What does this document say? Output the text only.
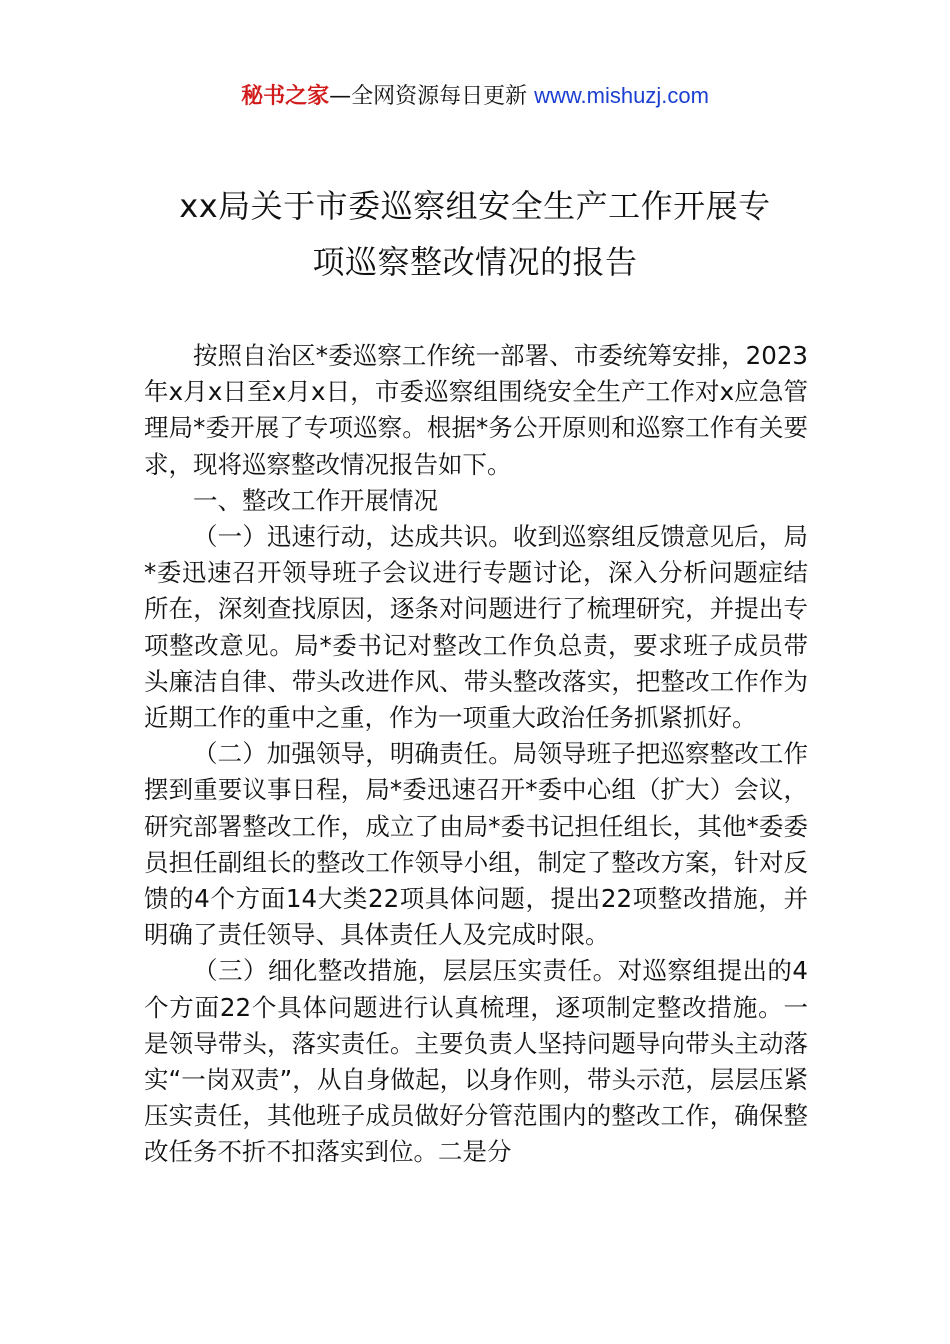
秘书之家—全网资源每日更新 www.mishuzj.com
xx局关于市委巡察组安全生产工作开展专
项巡察整改情况的报告

按照自治区*委巡察工作统一部署、市委统筹安排，2023年x月x日至x月x日，市委巡察组围绕安全生产工作对x应急管理局*委开展了专项巡察。根据*务公开原则和巡察工作有关要求，现将巡察整改情况报告如下。

一、整改工作开展情况

（一）迅速行动，达成共识。收到巡察组反馈意见后，局*委迅速召开领导班子会议进行专题讨论，深入分析问题症结所在，深刻查找原因，逐条对问题进行了梳理研究，并提出专项整改意见。局*委书记对整改工作负总责，要求班子成员带头廉洁自律、带头改进作风、带头整改落实，把整改工作作为近期工作的重中之重，作为一项重大政治任务抓紧抓好。

（二）加强领导，明确责任。局领导班子把巡察整改工作摆到重要议事日程，局*委迅速召开*委中心组（扩大）会议，研究部署整改工作，成立了由局*委书记担任组长，其他*委委员担任副组长的整改工作领导小组，制定了整改方案，针对反馈的4个方面14大类22项具体问题，提出22项整改措施，并明确了责任领导、具体责任人及完成时限。

（三）细化整改措施，层层压实责任。对巡察组提出的4个方面22个具体问题进行认真梳理，逐项制定整改措施。一是领导带头，落实责任。主要负责人坚持问题导向带头主动落实“一岗双责”，从自身做起，以身作则，带头示范，层层压紧压实责任，其他班子成员做好分管范围内的整改工作，确保整改任务不折不扣落实到位。二是分
